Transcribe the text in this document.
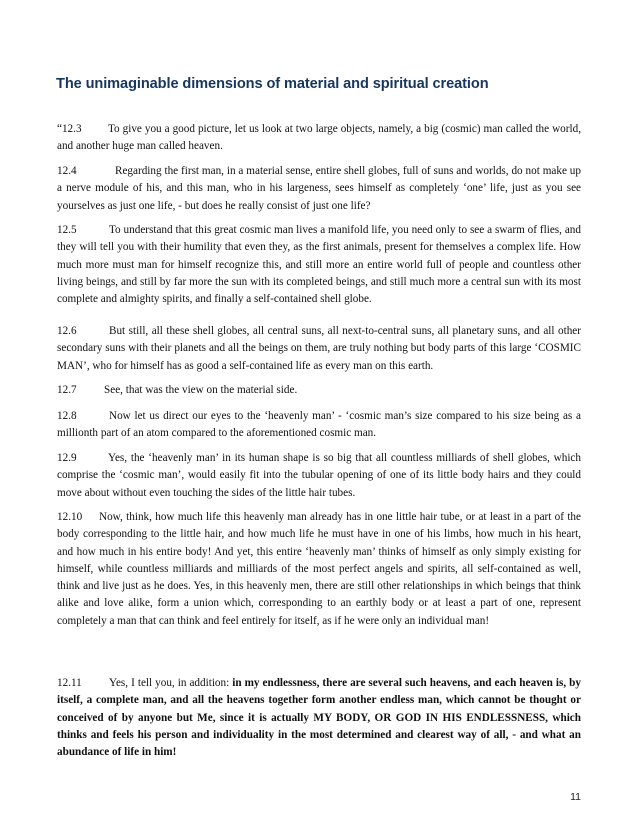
The unimaginable dimensions of material and spiritual creation

“12.3 To give you a good picture, let us look at two large objects, namely, a big (cosmic) man called the world, and another huge man called heaven.

12.4	Regarding the first man, in a material sense, entire shell globes, full of suns and worlds, do not make up a nerve module of his, and this man, who in his largeness, sees himself as completely ‘one’ life, just as you see yourselves as just one life, - but does he really consist of just one life?

12.5	To understand that this great cosmic man lives a manifold life, you need only to see a swarm of flies, and they will tell you with their humility that even they, as the first animals, present for themselves a complex life. How much more must man for himself recognize this, and still more an entire world full of people and countless other living beings, and still by far more the sun with its completed beings, and still much more a central sun with its most complete and almighty spirits, and finally a self-contained shell globe.

12.6	But still, all these shell globes, all central suns, all next-to-central suns, all planetary suns, and all other secondary suns with their planets and all the beings on them, are truly nothing but body parts of this large ‘COSMIC MAN’, who for himself has as good a self-contained life as every man on this earth.

12.7 See, that was the view on the material side.

12.8	Now let us direct our eyes to the ‘heavenly man’ - ‘cosmic man’s size compared to his size being as a millionth part of an atom compared to the aforementioned cosmic man.

12.9	Yes, the ‘heavenly man’ in its human shape is so big that all countless milliards of shell globes, which comprise the ‘cosmic man’, would easily fit into the tubular opening of one of its little body hairs and they could move about without even touching the sides of the little hair tubes.

12.10 Now, think, how much life this heavenly man already has in one little hair tube, or at least in a part of the body corresponding to the little hair, and how much life he must have in one of his limbs, how much in his heart, and how much in his entire body! And yet, this entire ‘heavenly man’ thinks of himself as only simply existing for himself, while countless milliards and milliards of the most perfect angels and spirits, all self-contained as well, think and live just as he does. Yes, in this heavenly men, there are still other relationships in which beings that think alike and love alike, form a union which, corresponding to an earthly body or at least a part of one, represent completely a man that can think and feel entirely for itself, as if he were only an individual man!

12.11 Yes, I tell you, in addition: in my endlessness, there are several such heavens, and each heaven is, by itself, a complete man, and all the heavens together form another endless man, which cannot be thought or conceived of by anyone but Me, since it is actually MY BODY, OR GOD IN HIS ENDLESSNESS, which thinks and feels his person and individuality in the most determined and clearest way of all, - and what an abundance of life in him!

11
